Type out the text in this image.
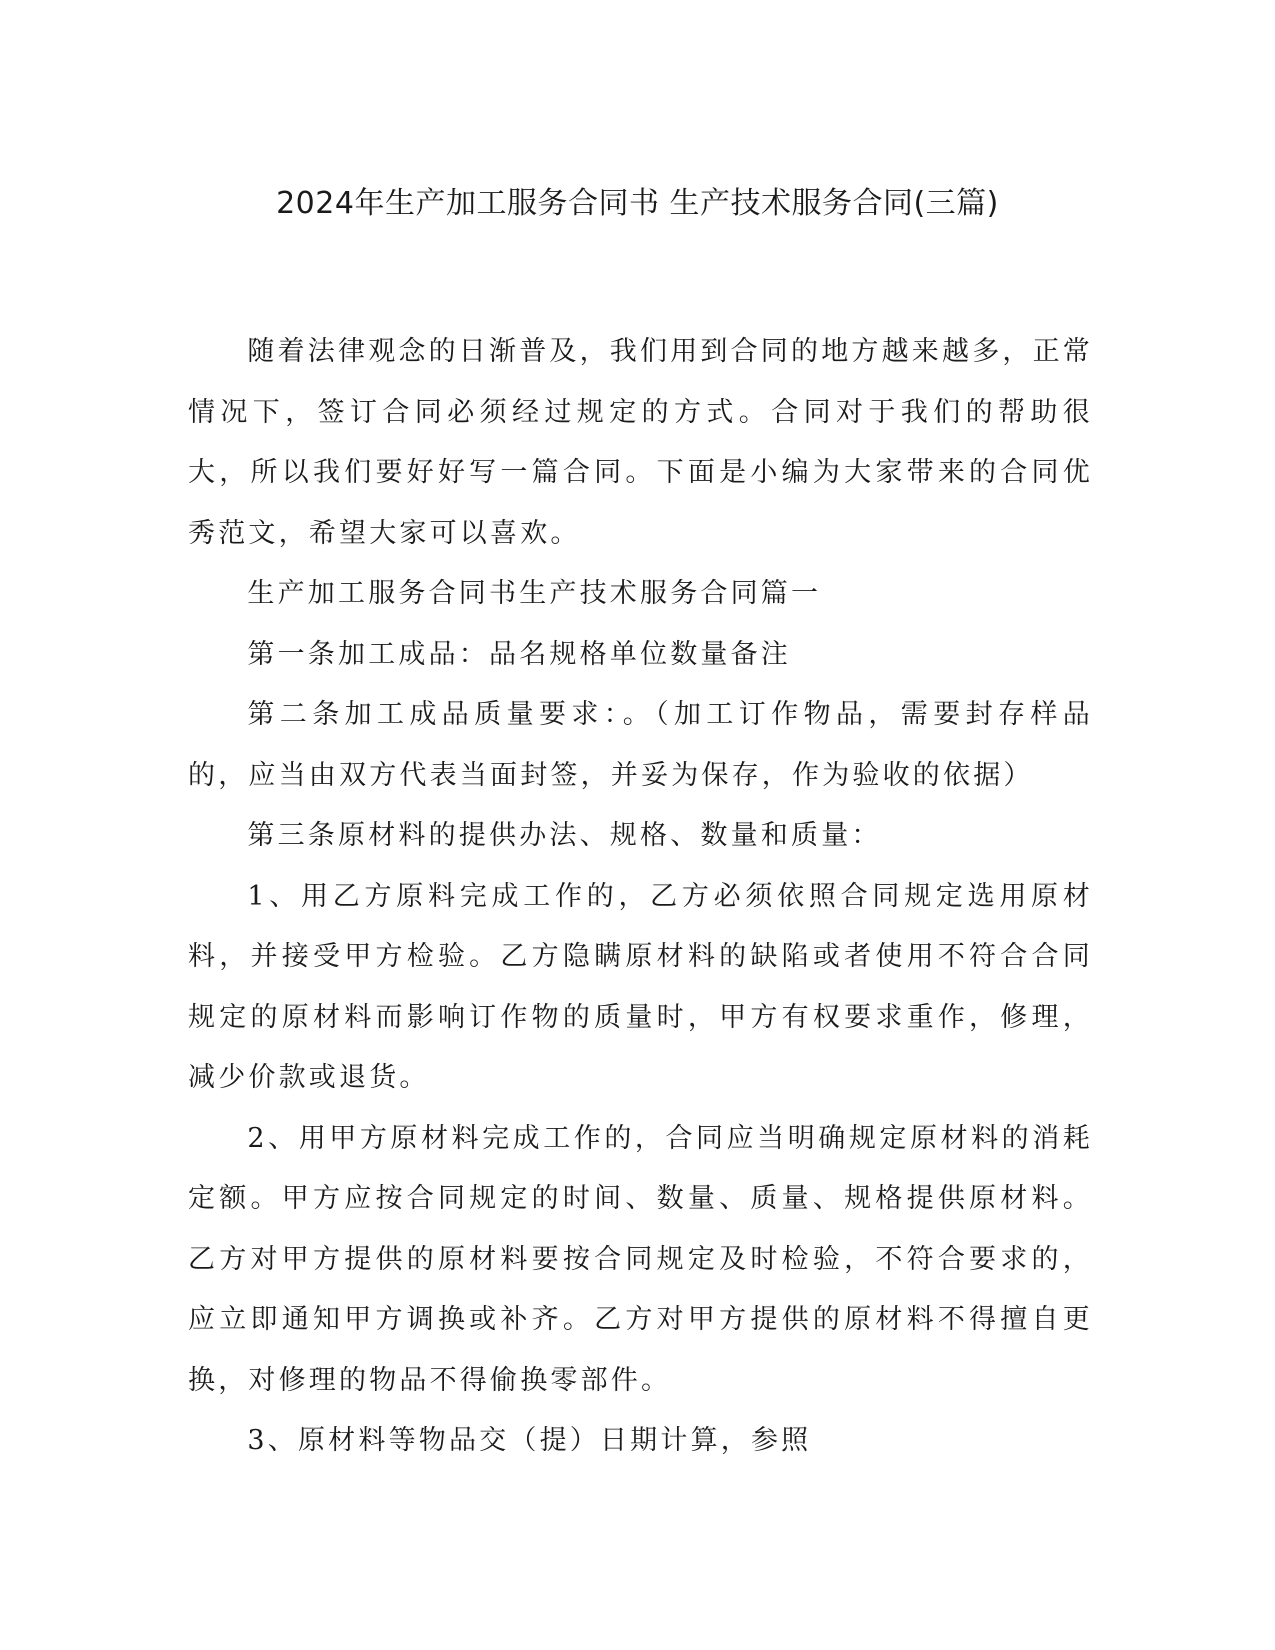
2024年生产加工服务合同书 生产技术服务合同(三篇)

随着法律观念的日渐普及，我们用到合同的地方越来越多，正常情况下，签订合同必须经过规定的方式。合同对于我们的帮助很大，所以我们要好好写一篇合同。下面是小编为大家带来的合同优秀范文，希望大家可以喜欢。

生产加工服务合同书生产技术服务合同篇一

第一条加工成品：品名规格单位数量备注

第二条加工成品质量要求：。（加工订作物品，需要封存样品的，应当由双方代表当面封签，并妥为保存，作为验收的依据）

第三条原材料的提供办法、规格、数量和质量：

1、用乙方原料完成工作的，乙方必须依照合同规定选用原材料，并接受甲方检验。乙方隐瞒原材料的缺陷或者使用不符合合同规定的原材料而影响订作物的质量时，甲方有权要求重作，修理，减少价款或退货。

2、用甲方原材料完成工作的，合同应当明确规定原材料的消耗定额。甲方应按合同规定的时间、数量、质量、规格提供原材料。乙方对甲方提供的原材料要按合同规定及时检验，不符合要求的，应立即通知甲方调换或补齐。乙方对甲方提供的原材料不得擅自更换，对修理的物品不得偷换零部件。

3、原材料等物品交（提）日期计算，参照
